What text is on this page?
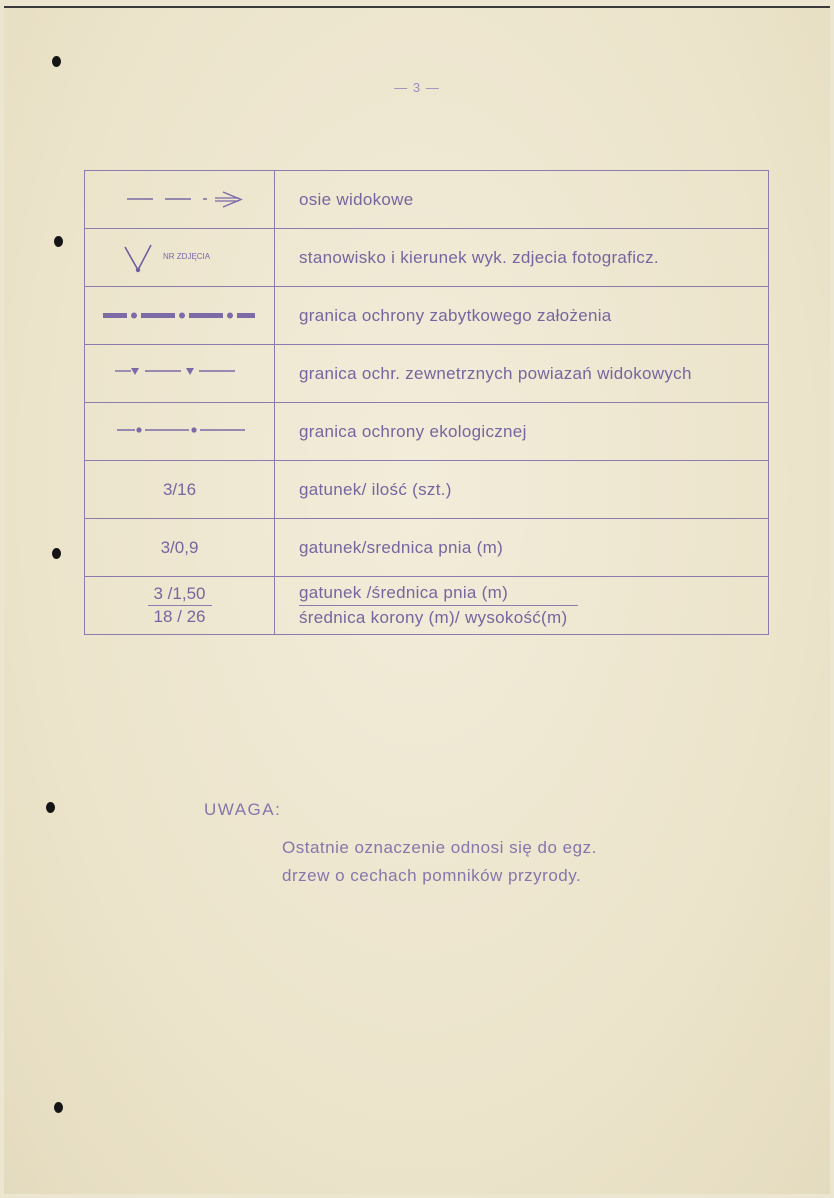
— 3 —
	osie widokowe

NR ZDJĘCIA	stanowisko i kierunek wyk. zdjecia fotograficz.

	granica ochrony zabytkowego założenia

	granica ochr. zewnetrznych powiazań widokowych

	granica ochrony ekologicznej
3/16	gatunek/ ilość (szt.)
3/0,9	gatunek/srednica pnia (m)

$\frac{3 /1,50}{18 / 26}$	gatunek /średnica pnia (m)
średnica korony (m)/ wysokość(m)
UWAGA:
Ostatnie oznaczenie odnosi się do egz.
drzew o cechach pomników przyrody.
